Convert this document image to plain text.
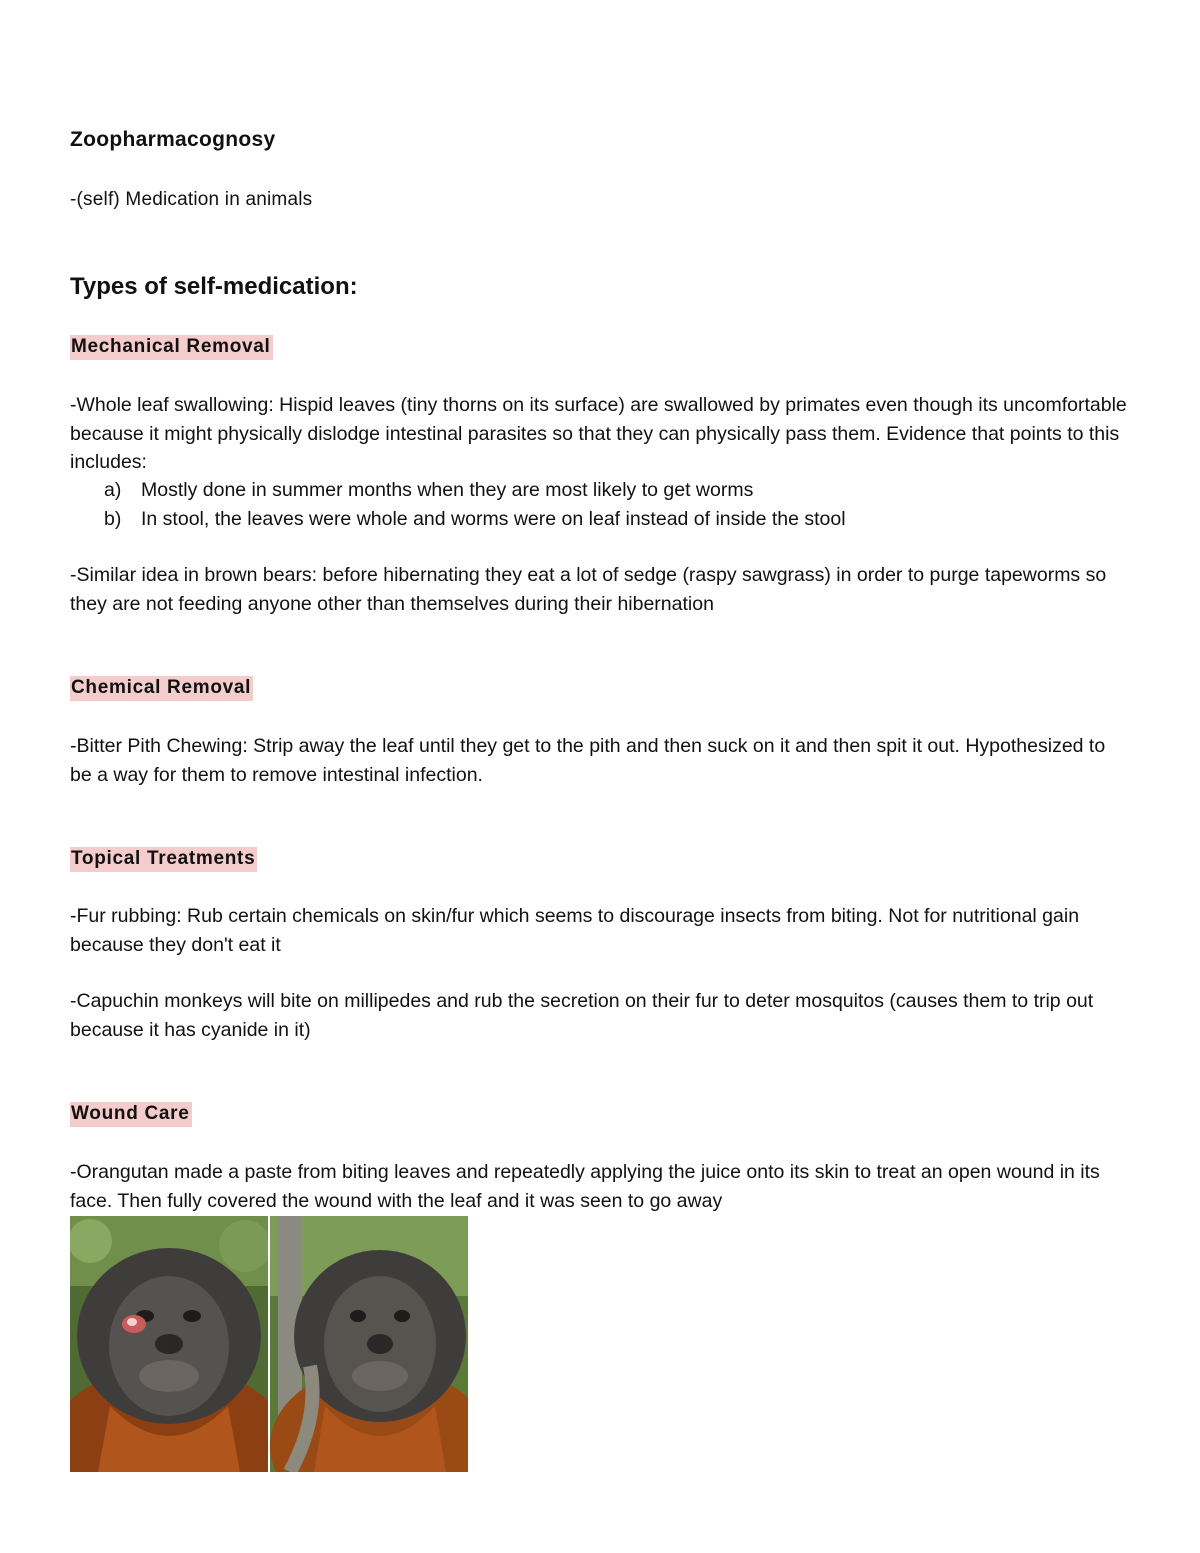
Zoopharmacognosy
-(self) Medication in animals
Types of self-medication:
Mechanical Removal
-Whole leaf swallowing: Hispid leaves (tiny thorns on its surface) are swallowed by primates even though its uncomfortable because it might physically dislodge intestinal parasites so that they can physically pass them. Evidence that points to this includes:
a)	Mostly done in summer months when they are most likely to get worms
b)	In stool, the leaves were whole and worms were on leaf instead of inside the stool
-Similar idea in brown bears: before hibernating they eat a lot of sedge (raspy sawgrass) in order to purge tapeworms so they are not feeding anyone other than themselves during their hibernation
Chemical Removal
-Bitter Pith Chewing: Strip away the leaf until they get to the pith and then suck on it and then spit it out. Hypothesized to be a way for them to remove intestinal infection.
Topical Treatments
-Fur rubbing: Rub certain chemicals on skin/fur which seems to discourage insects from biting. Not for nutritional gain because they don't eat it
-Capuchin monkeys will bite on millipedes and rub the secretion on their fur to deter mosquitos (causes them to trip out because it has cyanide in it)
Wound Care
-Orangutan made a paste from biting leaves and repeatedly applying the juice onto its skin to treat an open wound in its face. Then fully covered the wound with the leaf and it was seen to go away
